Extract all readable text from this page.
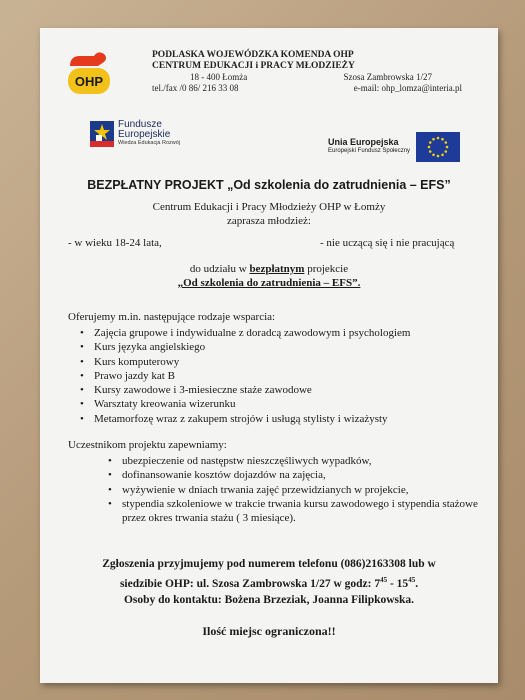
OHP
PODLASKA WOJEWÓDZKA KOMENDA OHP
CENTRUM EDUKACJI i PRACY MŁODZIEŻY
18 - 400 Łomża	Szosa Zambrowska 1/27
tel./fax /0 86/ 216 33 08	e-mail: ohp_lomza@interia.pl
Fundusze
Europejskie
Wiedza Edukacja Rozwój	Unia Europejska
Europejski Fundusz Społeczny
BEZPŁATNY PROJEKT „Od szkolenia do zatrudnienia – EFS”
Centrum Edukacji i Pracy Młodzieży OHP w Łomży
zaprasza młodzież:
- w wieku 18-24 lata,	- nie uczącą się i nie pracującą
do udziału w bezpłatnym projekcie
„Od szkolenia do zatrudnienia – EFS”.
Oferujemy m.in. następujące rodzaje wsparcia:
• Zajęcia grupowe i indywidualne z doradcą zawodowym i psychologiem
• Kurs języka angielskiego
• Kurs komputerowy
• Prawo jazdy kat B
• Kursy zawodowe i 3-miesieczne staże zawodowe
• Warsztaty kreowania wizerunku
• Metamorfozę wraz z zakupem strojów i usługą stylisty i wizażysty
Uczestnikom projektu zapewniamy:
• ubezpieczenie od następstw nieszczęśliwych wypadków,
• dofinansowanie kosztów dojazdów na zajęcia,
• wyżywienie w dniach trwania zajęć przewidzianych w projekcie,
• stypendia szkoleniowe w trakcie trwania kursu zawodowego i stypendia stażowe przez okres trwania stażu ( 3 miesiące).
Zgłoszenia przyjmujemy pod numerem telefonu (086)2163308 lub w
siedzibie OHP: ul. Szosa Zambrowska 1/27 w godz: $7^{45} - 15^{45}$.
Osoby do kontaktu: Bożena Brzeziak, Joanna Filipkowska.
Ilość miejsc ograniczona!!
